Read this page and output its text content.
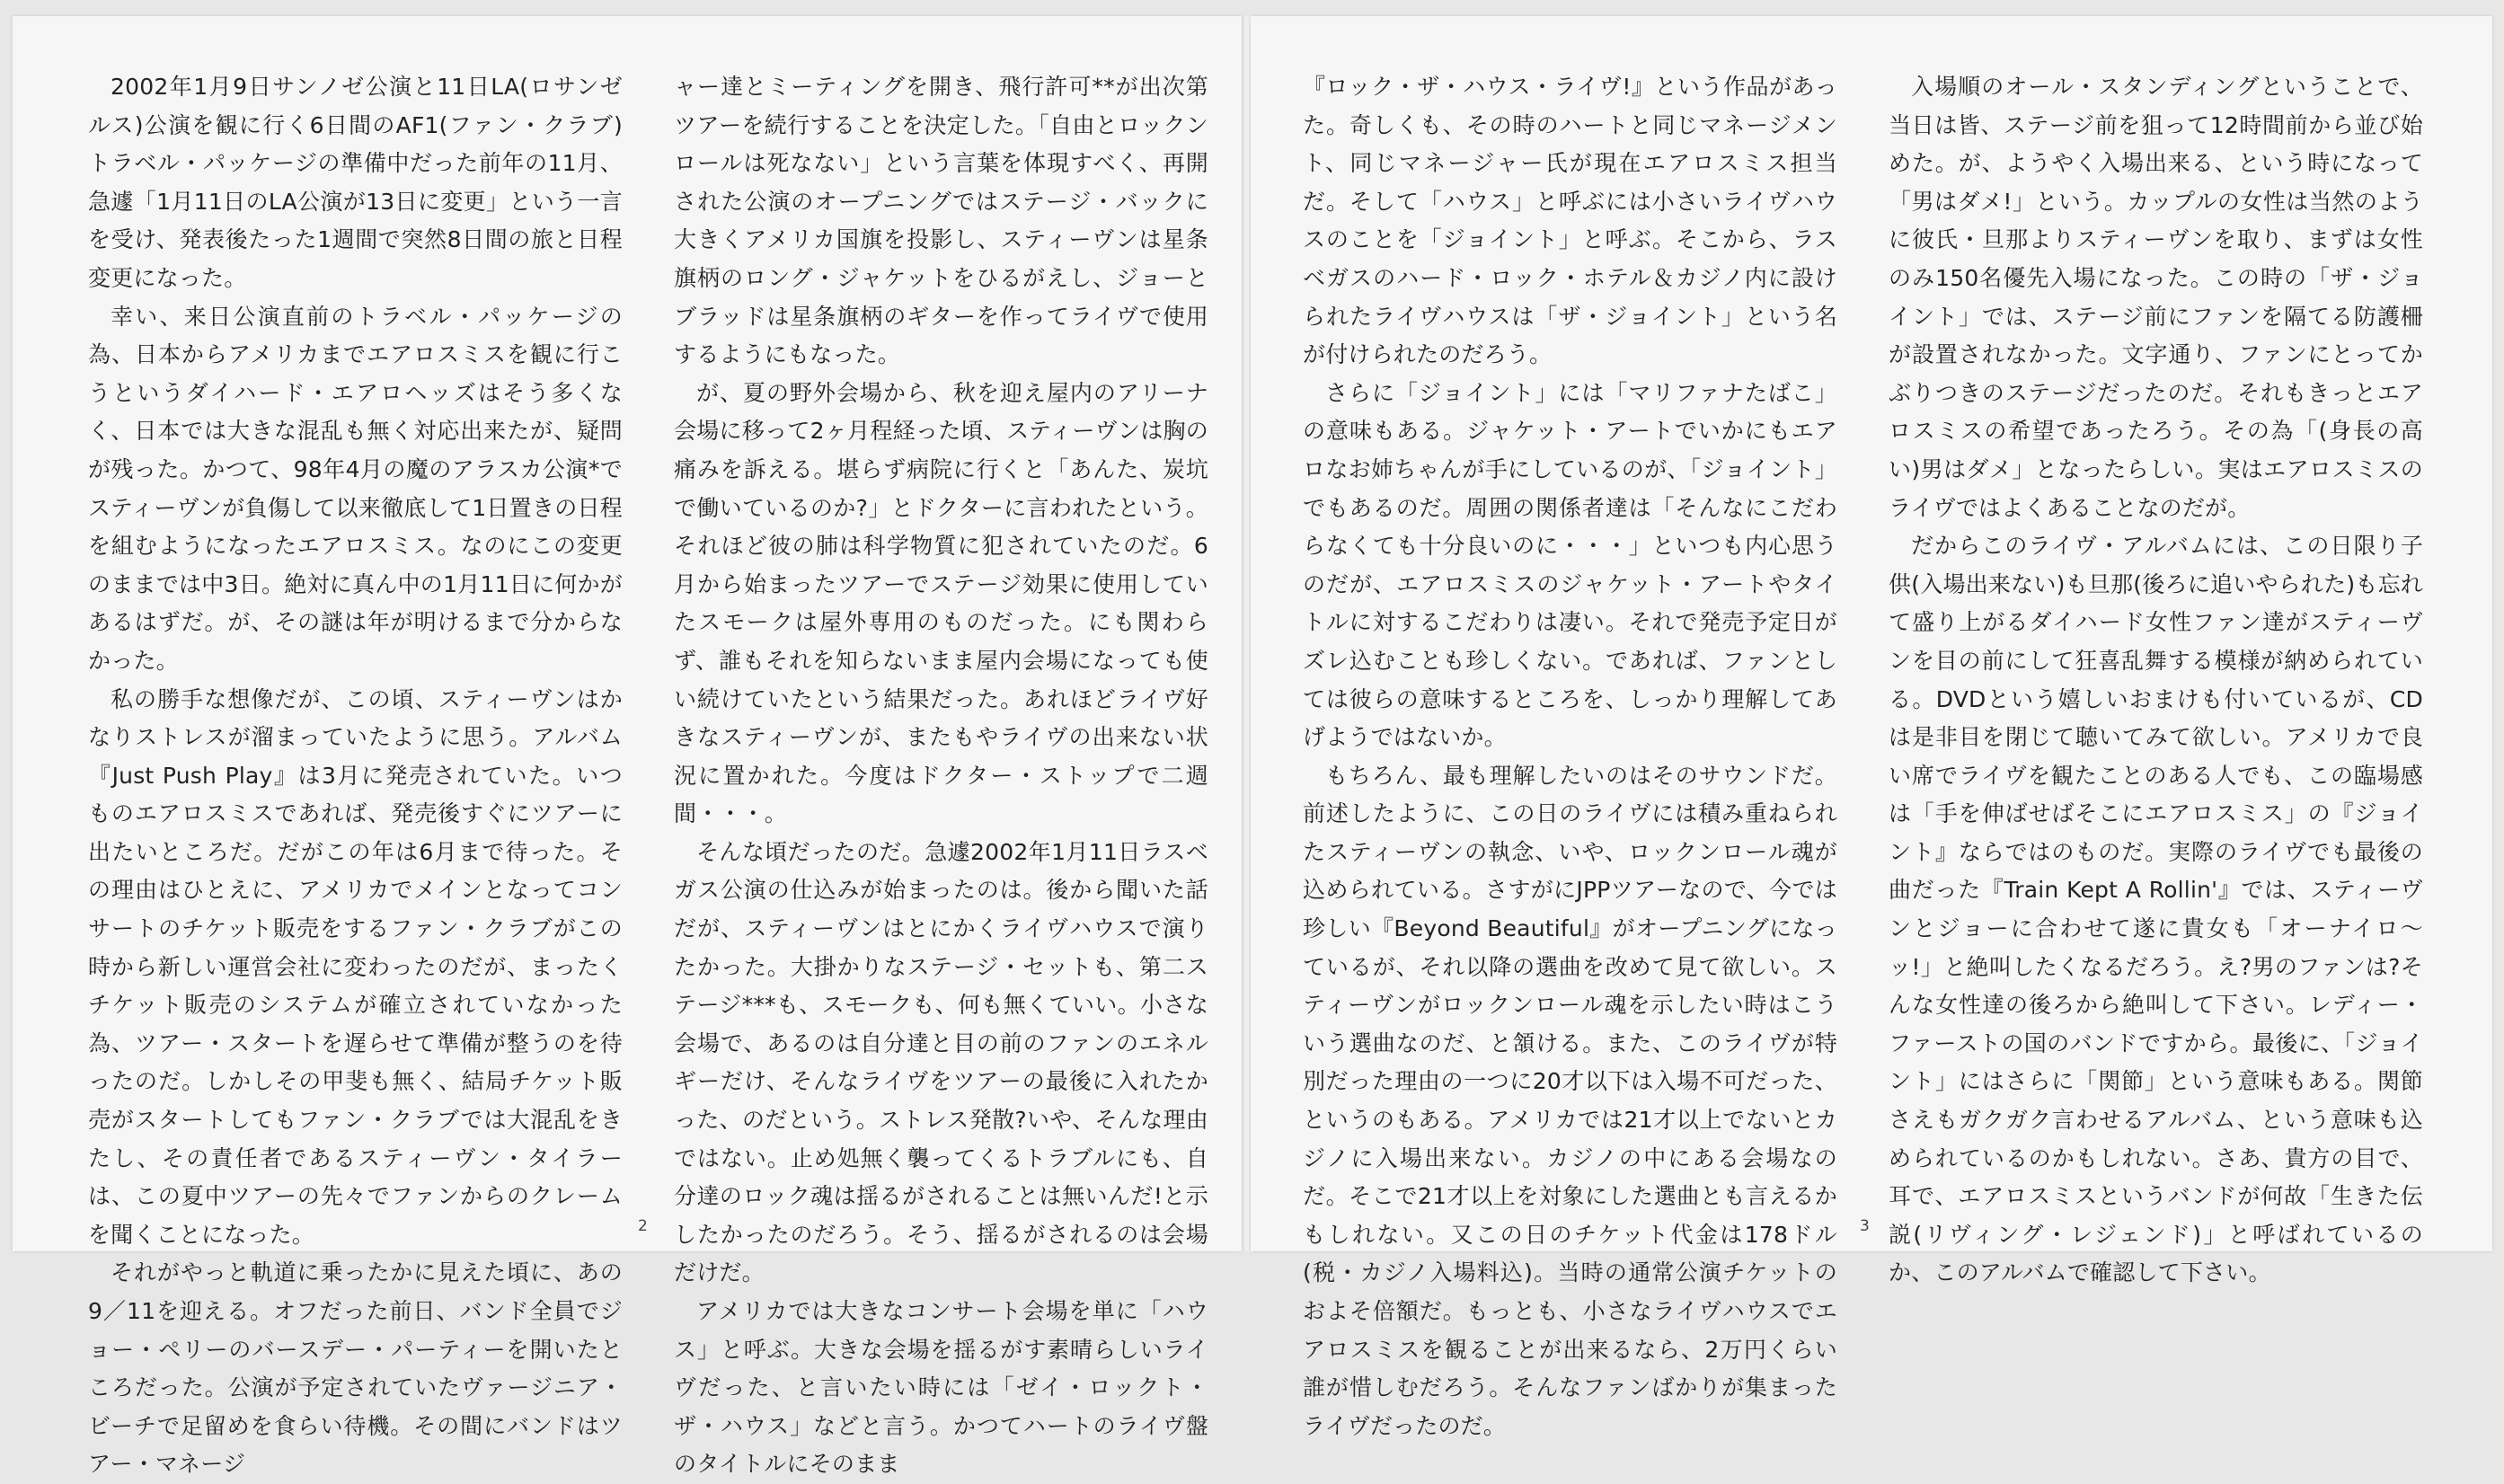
2002年1月9日サンノゼ公演と11日LA(ロサンゼルス)公演を観に行く6日間のAF1(ファン・クラブ)トラベル・パッケージの準備中だった前年の11月、急遽「1月11日のLA公演が13日に変更」という一言を受け、発表後たった1週間で突然8日間の旅と日程変更になった。

幸い、来日公演直前のトラベル・パッケージの為、日本からアメリカまでエアロスミスを観に行こうというダイハード・エアロヘッズはそう多くなく、日本では大きな混乱も無く対応出来たが、疑問が残った。かつて、98年4月の魔のアラスカ公演*でスティーヴンが負傷して以来徹底して1日置きの日程を組むようになったエアロスミス。なのにこの変更のままでは中3日。絶対に真ん中の1月11日に何かがあるはずだ。が、その謎は年が明けるまで分からなかった。

私の勝手な想像だが、この頃、スティーヴンはかなりストレスが溜まっていたように思う。アルバム『Just Push Play』は3月に発売されていた。いつものエアロスミスであれば、発売後すぐにツアーに出たいところだ。だがこの年は6月まで待った。その理由はひとえに、アメリカでメインとなってコンサートのチケット販売をするファン・クラブがこの時から新しい運営会社に変わったのだが、まったくチケット販売のシステムが確立されていなかった為、ツアー・スタートを遅らせて準備が整うのを待ったのだ。しかしその甲斐も無く、結局チケット販売がスタートしてもファン・クラブでは大混乱をきたし、その責任者であるスティーヴン・タイラーは、この夏中ツアーの先々でファンからのクレームを聞くことになった。

それがやっと軌道に乗ったかに見えた頃に、あの9／11を迎える。オフだった前日、バンド全員でジョー・ペリーのバースデー・パーティーを開いたところだった。公演が予定されていたヴァージニア・ビーチで足留めを食らい待機。その間にバンドはツアー・マネージ

ャー達とミーティングを開き、飛行許可**が出次第ツアーを続行することを決定した。「自由とロックンロールは死なない」という言葉を体現すべく、再開された公演のオープニングではステージ・バックに大きくアメリカ国旗を投影し、スティーヴンは星条旗柄のロング・ジャケットをひるがえし、ジョーとブラッドは星条旗柄のギターを作ってライヴで使用するようにもなった。

が、夏の野外会場から、秋を迎え屋内のアリーナ会場に移って2ヶ月程経った頃、スティーヴンは胸の痛みを訴える。堪らず病院に行くと「あんた、炭坑で働いているのか?」とドクターに言われたという。それほど彼の肺は科学物質に犯されていたのだ。6月から始まったツアーでステージ効果に使用していたスモークは屋外専用のものだった。にも関わらず、誰もそれを知らないまま屋内会場になっても使い続けていたという結果だった。あれほどライヴ好きなスティーヴンが、またもやライヴの出来ない状況に置かれた。今度はドクター・ストップで二週間・・・。

そんな頃だったのだ。急遽2002年1月11日ラスベガス公演の仕込みが始まったのは。後から聞いた話だが、スティーヴンはとにかくライヴハウスで演りたかった。大掛かりなステージ・セットも、第二ステージ***も、スモークも、何も無くていい。小さな会場で、あるのは自分達と目の前のファンのエネルギーだけ、そんなライヴをツアーの最後に入れたかった、のだという。ストレス発散?いや、そんな理由ではない。止め処無く襲ってくるトラブルにも、自分達のロック魂は揺るがされることは無いんだ!と示したかったのだろう。そう、揺るがされるのは会場だけだ。

アメリカでは大きなコンサート会場を単に「ハウス」と呼ぶ。大きな会場を揺るがす素晴らしいライヴだった、と言いたい時には「ゼイ・ロックト・ザ・ハウス」などと言う。かつてハートのライヴ盤のタイトルにそのまま

2

『ロック・ザ・ハウス・ライヴ!』という作品があった。奇しくも、その時のハートと同じマネージメント、同じマネージャー氏が現在エアロスミス担当だ。そして「ハウス」と呼ぶには小さいライヴハウスのことを「ジョイント」と呼ぶ。そこから、ラスベガスのハード・ロック・ホテル＆カジノ内に設けられたライヴハウスは「ザ・ジョイント」という名が付けられたのだろう。

さらに「ジョイント」には「マリファナたばこ」の意味もある。ジャケット・アートでいかにもエアロなお姉ちゃんが手にしているのが、「ジョイント」でもあるのだ。周囲の関係者達は「そんなにこだわらなくても十分良いのに・・・」といつも内心思うのだが、エアロスミスのジャケット・アートやタイトルに対するこだわりは凄い。それで発売予定日がズレ込むことも珍しくない。であれば、ファンとしては彼らの意味するところを、しっかり理解してあげようではないか。

もちろん、最も理解したいのはそのサウンドだ。前述したように、この日のライヴには積み重ねられたスティーヴンの執念、いや、ロックンロール魂が込められている。さすがにJPPツアーなので、今では珍しい『Beyond Beautiful』がオープニングになっているが、それ以降の選曲を改めて見て欲しい。スティーヴンがロックンロール魂を示したい時はこういう選曲なのだ、と頷ける。また、このライヴが特別だった理由の一つに20才以下は入場不可だった、というのもある。アメリカでは21才以上でないとカジノに入場出来ない。カジノの中にある会場なのだ。そこで21才以上を対象にした選曲とも言えるかもしれない。又この日のチケット代金は178ドル(税・カジノ入場料込)。当時の通常公演チケットのおよそ倍額だ。もっとも、小さなライヴハウスでエアロスミスを観ることが出来るなら、2万円くらい誰が惜しむだろう。そんなファンばかりが集まったライヴだったのだ。

入場順のオール・スタンディングということで、当日は皆、ステージ前を狙って12時間前から並び始めた。が、ようやく入場出来る、という時になって「男はダメ!」という。カップルの女性は当然のように彼氏・旦那よりスティーヴンを取り、まずは女性のみ150名優先入場になった。この時の「ザ・ジョイント」では、ステージ前にファンを隔てる防護柵が設置されなかった。文字通り、ファンにとってかぶりつきのステージだったのだ。それもきっとエアロスミスの希望であったろう。その為「(身長の高い)男はダメ」となったらしい。実はエアロスミスのライヴではよくあることなのだが。

だからこのライヴ・アルバムには、この日限り子供(入場出来ない)も旦那(後ろに追いやられた)も忘れて盛り上がるダイハード女性ファン達がスティーヴンを目の前にして狂喜乱舞する模様が納められている。DVDという嬉しいおまけも付いているが、CDは是非目を閉じて聴いてみて欲しい。アメリカで良い席でライヴを観たことのある人でも、この臨場感は「手を伸ばせばそこにエアロスミス」の『ジョイント』ならではのものだ。実際のライヴでも最後の曲だった『Train Kept A Rollin'』では、スティーヴンとジョーに合わせて遂に貴女も「オーナイロ～ッ!」と絶叫したくなるだろう。え?男のファンは?そんな女性達の後ろから絶叫して下さい。レディー・ファーストの国のバンドですから。最後に、「ジョイント」にはさらに「関節」という意味もある。関節さえもガクガク言わせるアルバム、という意味も込められているのかもしれない。さあ、貴方の目で、耳で、エアロスミスというバンドが何故「生きた伝説(リヴィング・レジェンド)」と呼ばれているのか、このアルバムで確認して下さい。

3
